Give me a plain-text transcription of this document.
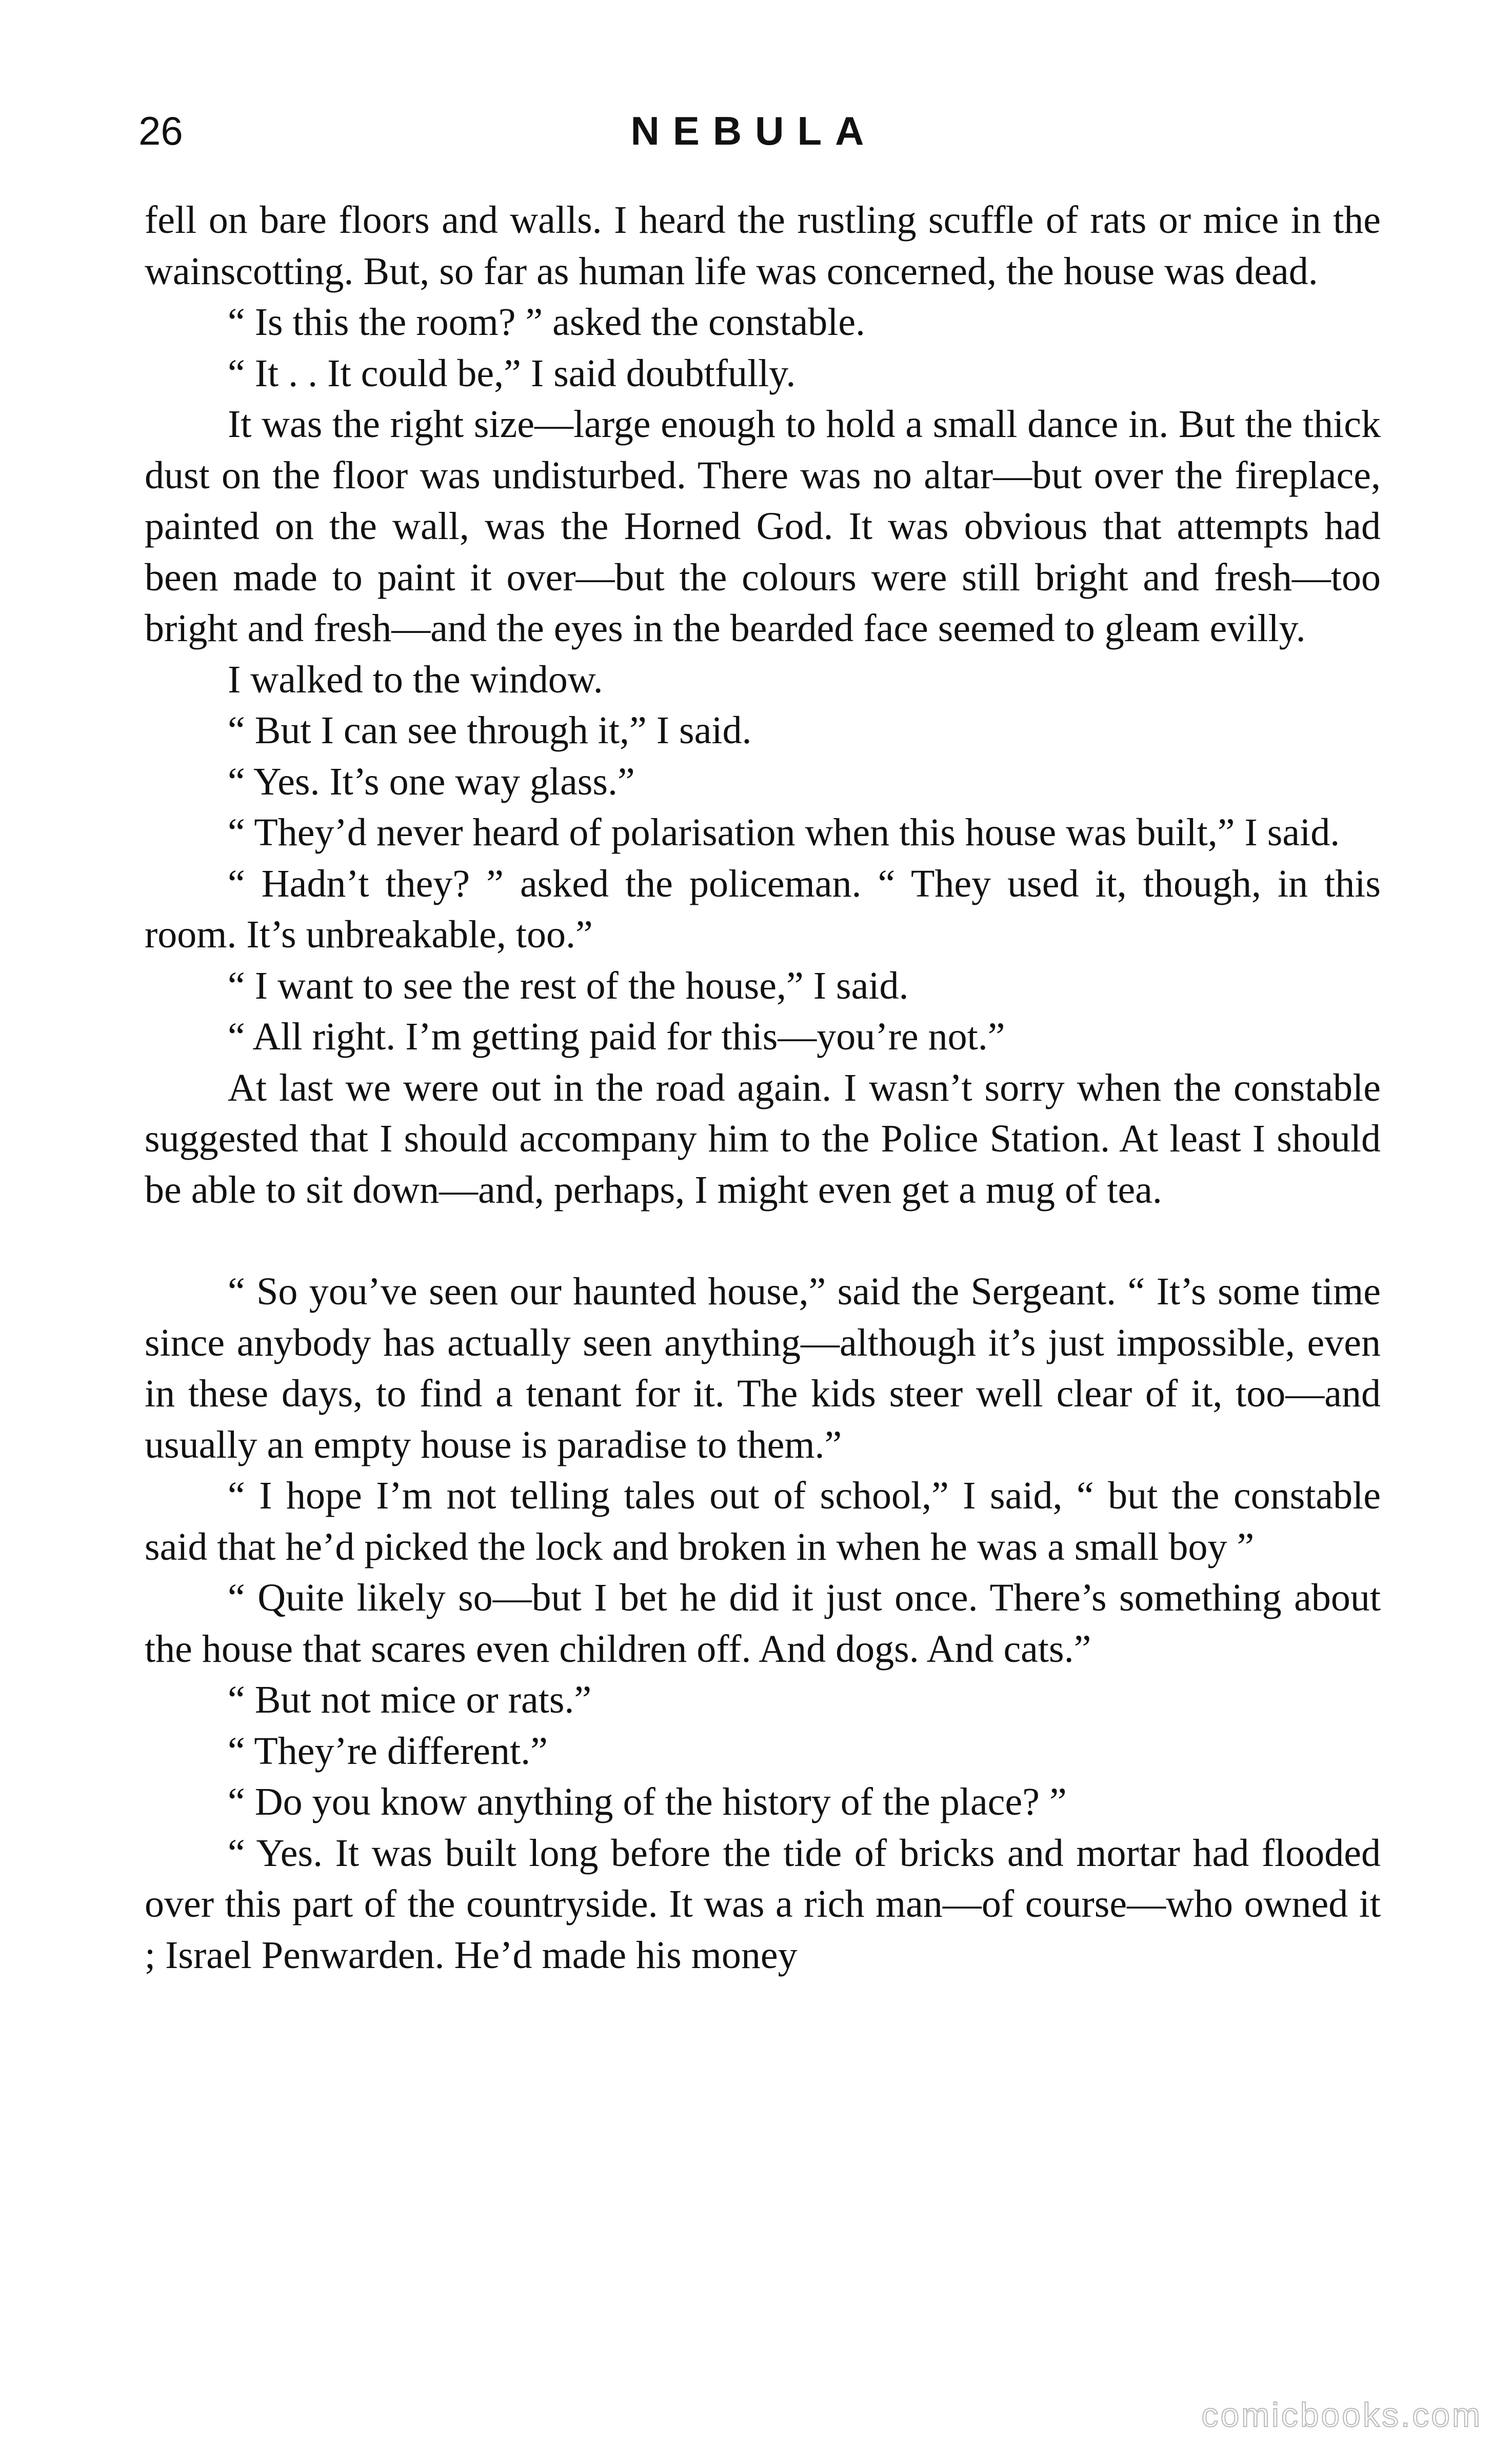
26	NEBULA

fell on bare floors and walls. I heard the rustling scuffle of rats or mice in the wainscotting. But, so far as human life was concerned, the house was dead.

“ Is this the room? ” asked the constable.

“ It . . It could be,” I said doubtfully.

It was the right size—large enough to hold a small dance in. But the thick dust on the floor was undisturbed. There was no altar—but over the fireplace, painted on the wall, was the Horned God. It was obvious that attempts had been made to paint it over—but the colours were still bright and fresh—too bright and fresh—and the eyes in the bearded face seemed to gleam evilly.

I walked to the window.

“ But I can see through it,” I said.

“ Yes. It’s one way glass.”

“ They’d never heard of polarisation when this house was built,” I said.

“ Hadn’t they? ” asked the policeman. “ They used it, though, in this room. It’s unbreakable, too.”

“ I want to see the rest of the house,” I said.

“ All right. I’m getting paid for this—you’re not.”

At last we were out in the road again. I wasn’t sorry when the constable suggested that I should accompany him to the Police Station. At least I should be able to sit down—and, perhaps, I might even get a mug of tea.

“ So you’ve seen our haunted house,” said the Sergeant. “ It’s some time since anybody has actually seen anything—although it’s just impossible, even in these days, to find a tenant for it. The kids steer well clear of it, too—and usually an empty house is paradise to them.”

“ I hope I’m not telling tales out of school,” I said, “ but the constable said that he’d picked the lock and broken in when he was a small boy ”

“ Quite likely so—but I bet he did it just once. There’s something about the house that scares even children off. And dogs. And cats.”

“ But not mice or rats.”

“ They’re different.”

“ Do you know anything of the history of the place? ”

“ Yes. It was built long before the tide of bricks and mortar had flooded over this part of the countryside. It was a rich man—of course—who owned it ; Israel Penwarden. He’d made his money

comicbooks.com
